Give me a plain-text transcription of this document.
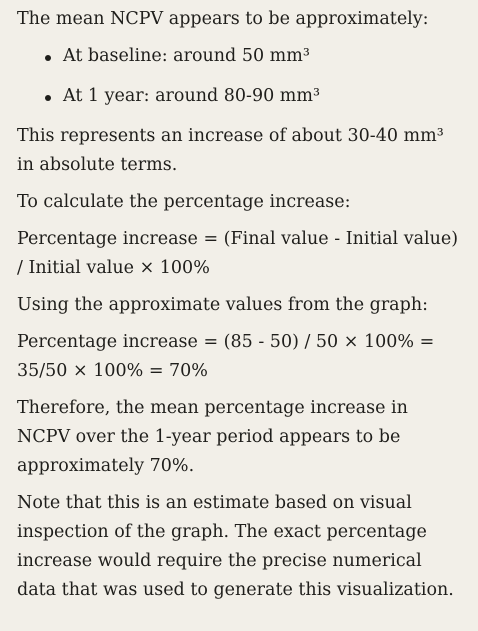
The mean NCPV appears to be approximately:

At baseline: around 50 mm³
At 1 year: around 80-90 mm³

This represents an increase of about 30-40 mm³ in absolute terms.

To calculate the percentage increase:

Percentage increase = (Final value - Initial value) / Initial value × 100%

Using the approximate values from the graph:

Percentage increase = (85 - 50) / 50 × 100% = 35/50 × 100% = 70%

Therefore, the mean percentage increase in NCPV over the 1-year period appears to be approximately 70%.

Note that this is an estimate based on visual inspection of the graph. The exact percentage increase would require the precise numerical data that was used to generate this visualization.
